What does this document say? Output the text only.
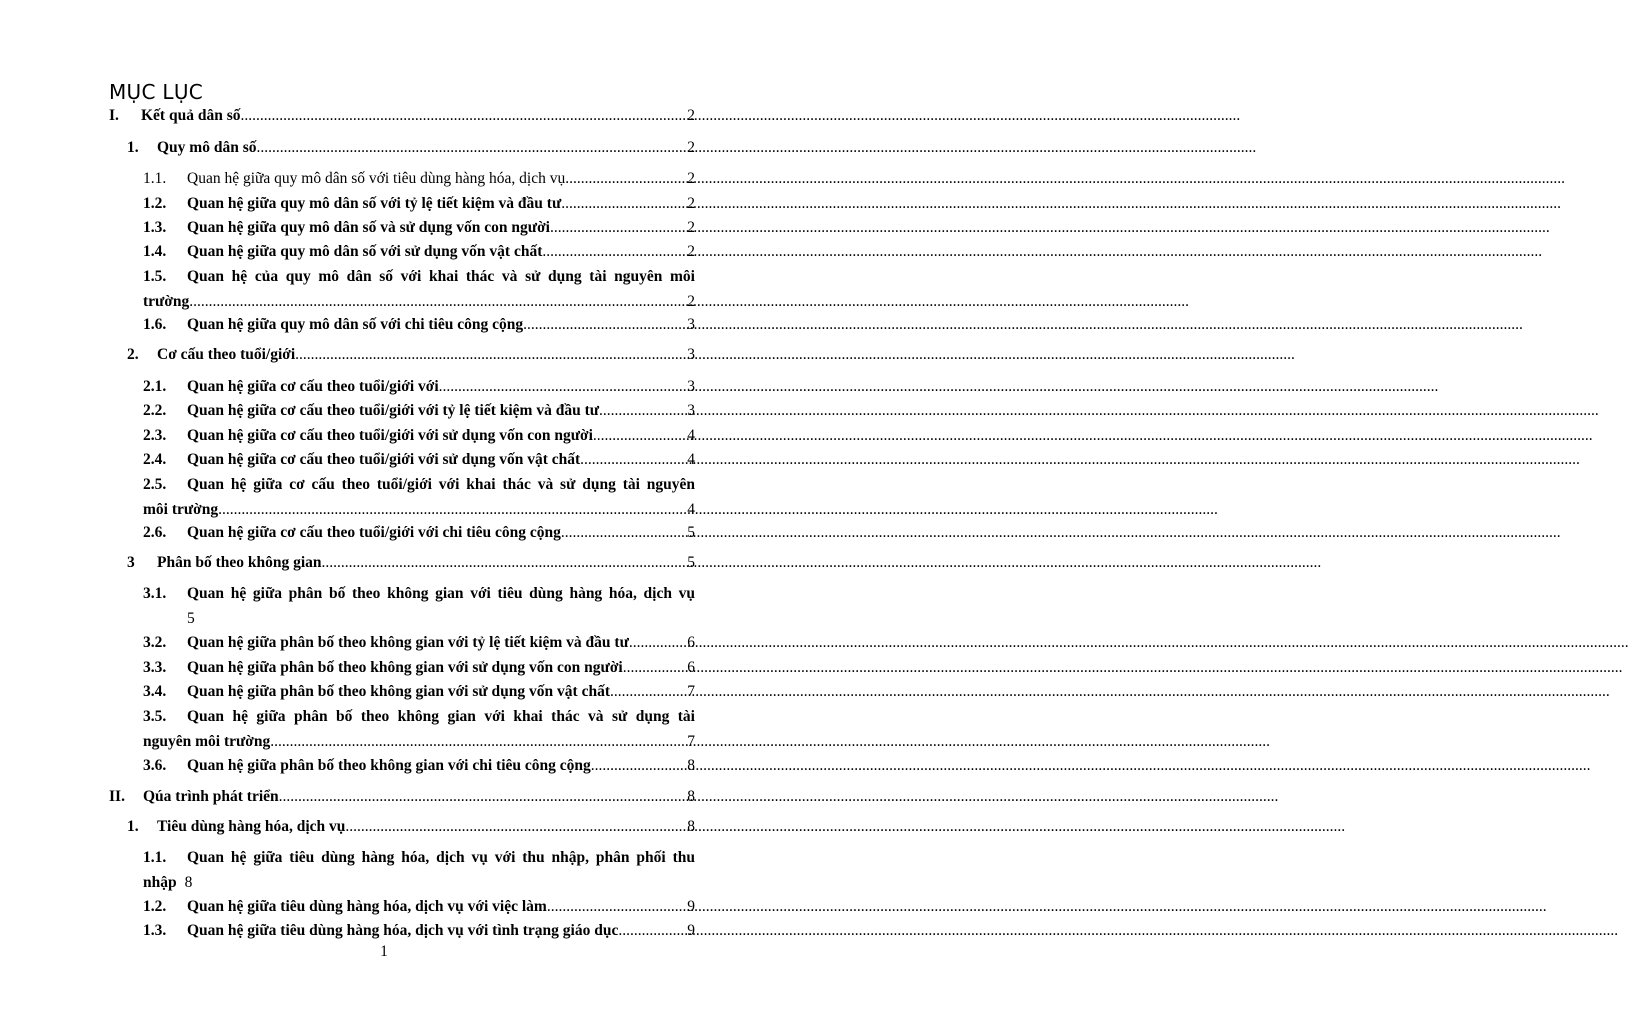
MỤC LỤC
I.	Kết quả dân số .....	2
1.	Quy mô dân số .....	2
1.1.	Quan hệ giữa quy mô dân số với tiêu dùng hàng hóa, dịch vụ .....	2
1.2.	Quan hệ giữa quy mô dân số với tỷ lệ tiết kiệm và đầu tư .....	2
1.3.	Quan hệ giữa quy mô dân số và sử dụng vốn con người .....	2
1.4.	Quan hệ giữa quy mô dân số với sử dụng vốn vật chất .....	2
1.5.	Quan hệ của quy mô dân số với khai thác và sử dụng tài nguyên môi
trường .....	2
1.6.	Quan hệ giữa quy mô dân số với chi tiêu công cộng .....	3
2.	Cơ cấu theo tuổi/giới .....	3
2.1.	Quan hệ giữa cơ cấu theo tuổi/giới với .....	3
2.2.	Quan hệ giữa cơ cấu theo tuổi/giới với tỷ lệ tiết kiệm và đầu tư .....	3
2.3.	Quan hệ giữa cơ cấu theo tuổi/giới với sử dụng vốn con người .....	4
2.4.	Quan hệ giữa cơ cấu theo tuổi/giới với sử dụng vốn vật chất .....	4
2.5.	Quan hệ giữa cơ cấu theo tuổi/giới với khai thác và sử dụng tài nguyên
môi trường .....	4
2.6.	Quan hệ giữa cơ cấu theo tuổi/giới với chi tiêu công cộng .....	5
3	Phân bố theo không gian .....	5
3.1.	Quan hệ giữa phân bố theo không gian với tiêu dùng hàng hóa, dịch vụ
5
3.2.	Quan hệ giữa phân bố theo không gian với tỷ lệ tiết kiệm và đầu tư .....	6
3.3.	Quan hệ giữa phân bố theo không gian với sử dụng vốn con người .....	6
3.4.	Quan hệ giữa phân bố theo không gian với sử dụng vốn vật chất .....	7
3.5.	Quan hệ giữa phân bố theo không gian với khai thác và sử dụng tài
nguyên môi trường .....	7
3.6.	Quan hệ giữa phân bố theo không gian với chi tiêu công cộng .....	8
II.	Qúa trình phát triển .....	8
1.	Tiêu dùng hàng hóa, dịch vụ .....	8
1.1.	Quan hệ giữa tiêu dùng hàng hóa, dịch vụ với thu nhập, phân phối thu
nhập 8
1.2.	Quan hệ giữa tiêu dùng hàng hóa, dịch vụ với việc làm .....	9
1.3.	Quan hệ giữa tiêu dùng hàng hóa, dịch vụ với tình trạng giáo dục .....	9
1
